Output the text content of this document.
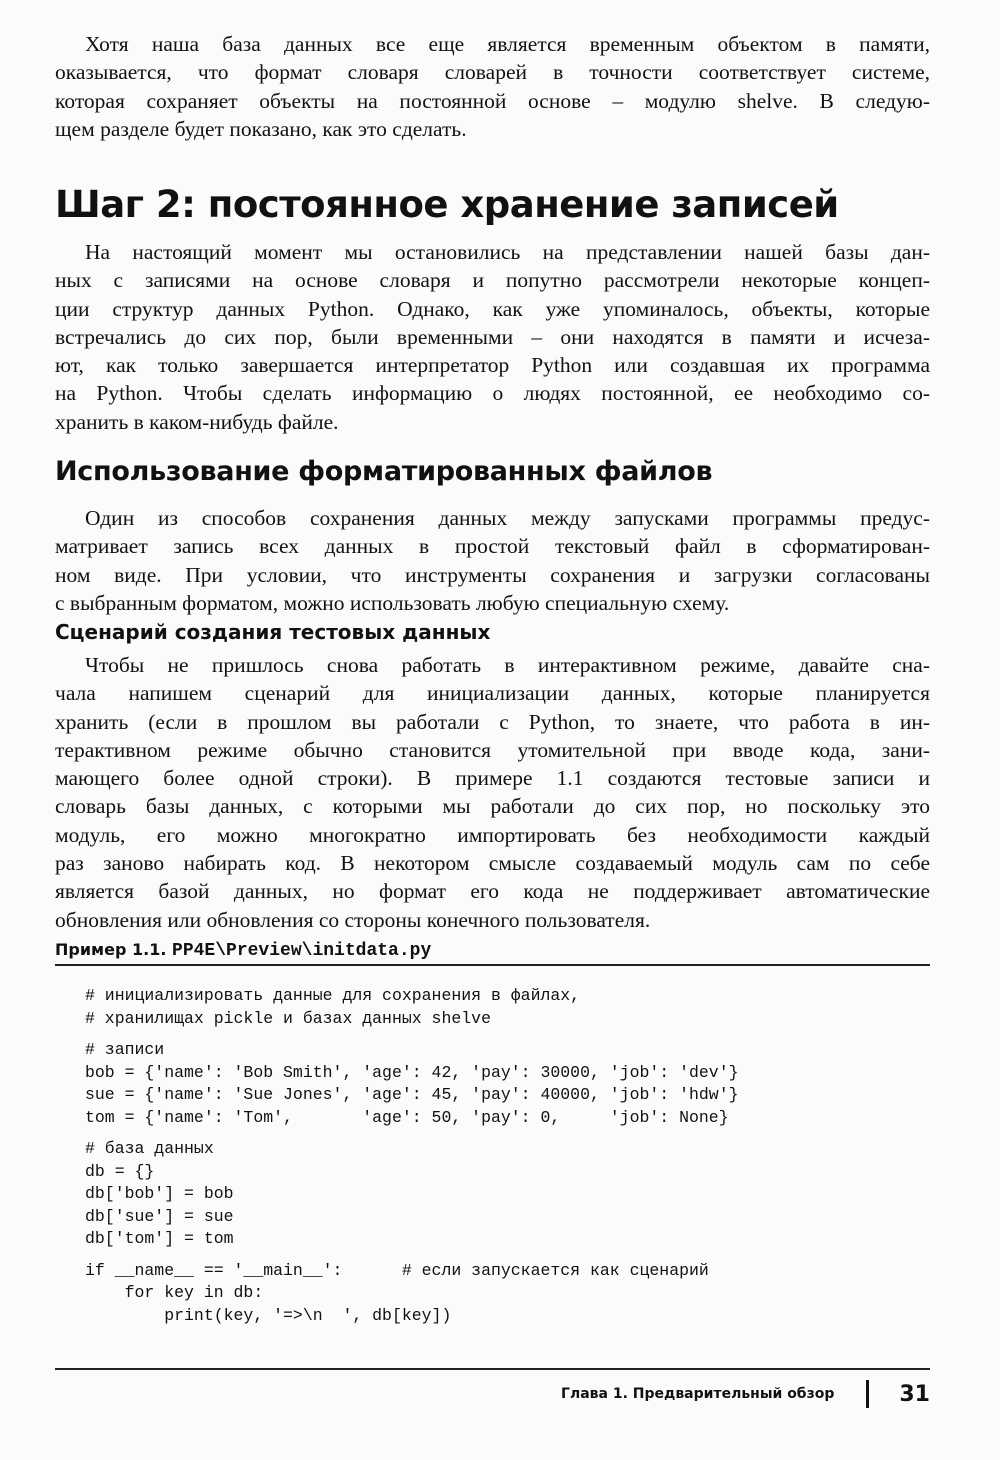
Хотя наша база данных все еще является временным объектом в памяти,
оказывается, что формат словаря словарей в точности соответствует системе,
которая сохраняет объекты на постоянной основе – модулю shelve. В следую-
щем разделе будет показано, как это сделать.
Шаг 2: постоянное хранение записей
На настоящий момент мы остановились на представлении нашей базы дан-
ных с записями на основе словаря и попутно рассмотрели некоторые концеп-
ции структур данных Python. Однако, как уже упоминалось, объекты, которые
встречались до сих пор, были временными – они находятся в памяти и исчеза-
ют, как только завершается интерпретатор Python или создавшая их программа
на Python. Чтобы сделать информацию о людях постоянной, ее необходимо со-
хранить в каком-нибудь файле.
Использование форматированных файлов
Один из способов сохранения данных между запусками программы предус-
матривает запись всех данных в простой текстовый файл в сформатирован-
ном виде. При условии, что инструменты сохранения и загрузки согласованы
с выбранным форматом, можно использовать любую специальную схему.
Сценарий создания тестовых данных
Чтобы не пришлось снова работать в интерактивном режиме, давайте сна-
чала напишем сценарий для инициализации данных, которые планируется
хранить (если в прошлом вы работали с Python, то знаете, что работа в ин-
терактивном режиме обычно становится утомительной при вводе кода, зани-
мающего более одной строки). В примере 1.1 создаются тестовые записи и
словарь базы данных, с которыми мы работали до сих пор, но поскольку это
модуль, его можно многократно импортировать без необходимости каждый
раз заново набирать код. В некотором смысле создаваемый модуль сам по себе
является базой данных, но формат его кода не поддерживает автоматические
обновления или обновления со стороны конечного пользователя.
Пример 1.1. PP4E\Preview\initdata.py
# инициализировать данные для сохранения в файлах,
# хранилищах pickle и базах данных shelve
# записи
bob = {'name': 'Bob Smith', 'age': 42, 'pay': 30000, 'job': 'dev'}
sue = {'name': 'Sue Jones', 'age': 45, 'pay': 40000, 'job': 'hdw'}
tom = {'name': 'Tom',       'age': 50, 'pay': 0,     'job': None}
# база данных
db = {}
db['bob'] = bob
db['sue'] = sue
db['tom'] = tom
if __name__ == '__main__':      # если запускается как сценарий
for key in db:
print(key, '=>\n  ', db[key])
Глава 1. Предварительный обзор	31
